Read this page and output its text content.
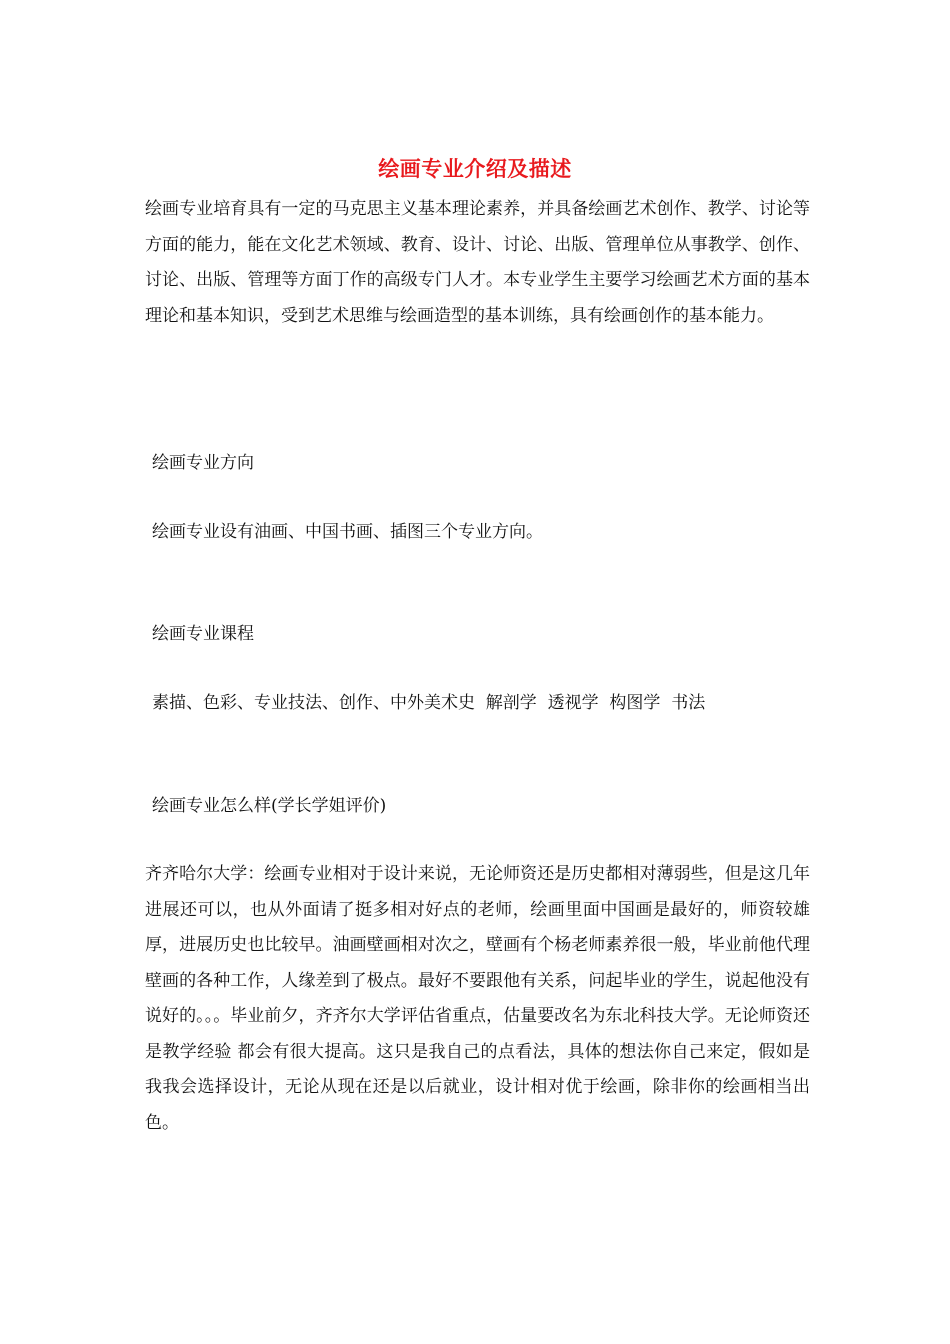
绘画专业介绍及描述

绘画专业培育具有一定的马克思主义基本理论素养，并具备绘画艺术创作、教学、讨论等方面的能力，能在文化艺术领域、教育、设计、讨论、出版、管理单位从事教学、创作、讨论、出版、管理等方面丁作的高级专门人才。本专业学生主要学习绘画艺术方面的基本理论和基本知识，受到艺术思维与绘画造型的基本训练，具有绘画创作的基本能力。

绘画专业方向
绘画专业设有油画、中国书画、插图三个专业方向。
绘画专业课程
素描、色彩、专业技法、创作、中外美术史  解剖学  透视学  构图学  书法
绘画专业怎么样(学长学姐评价)

齐齐哈尔大学：绘画专业相对于设计来说，无论师资还是历史都相对薄弱些，但是这几年进展还可以，也从外面请了挺多相对好点的老师，绘画里面中国画是最好的，师资较雄厚，进展历史也比较早。油画壁画相对次之，壁画有个杨老师素养很一般，毕业前他代理壁画的各种工作，人缘差到了极点。最好不要跟他有关系，问起毕业的学生，说起他没有说好的。。。毕业前夕，齐齐尔大学评估省重点，估量要改名为东北科技大学。无论师资还是教学经验 都会有很大提高。这只是我自己的点看法，具体的想法你自己来定，假如是我我会选择设计，无论从现在还是以后就业，设计相对优于绘画，除非你的绘画相当出色。
